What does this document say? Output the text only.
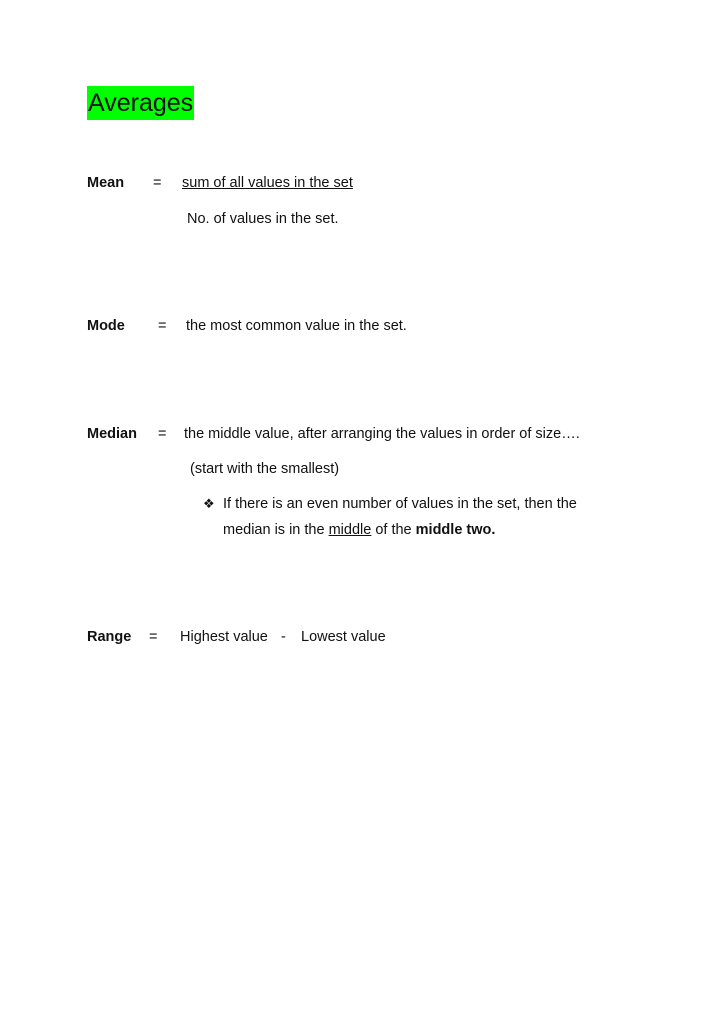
Averages
Mean = sum of all values in the set
No. of values in the set.
Mode = the most common value in the set.
Median = the middle value, after arranging the values in order of size….
(start with the smallest)
❖ If there is an even number of values in the set, then the
median is in the middle of the middle two.
Range = Highest value - Lowest value
